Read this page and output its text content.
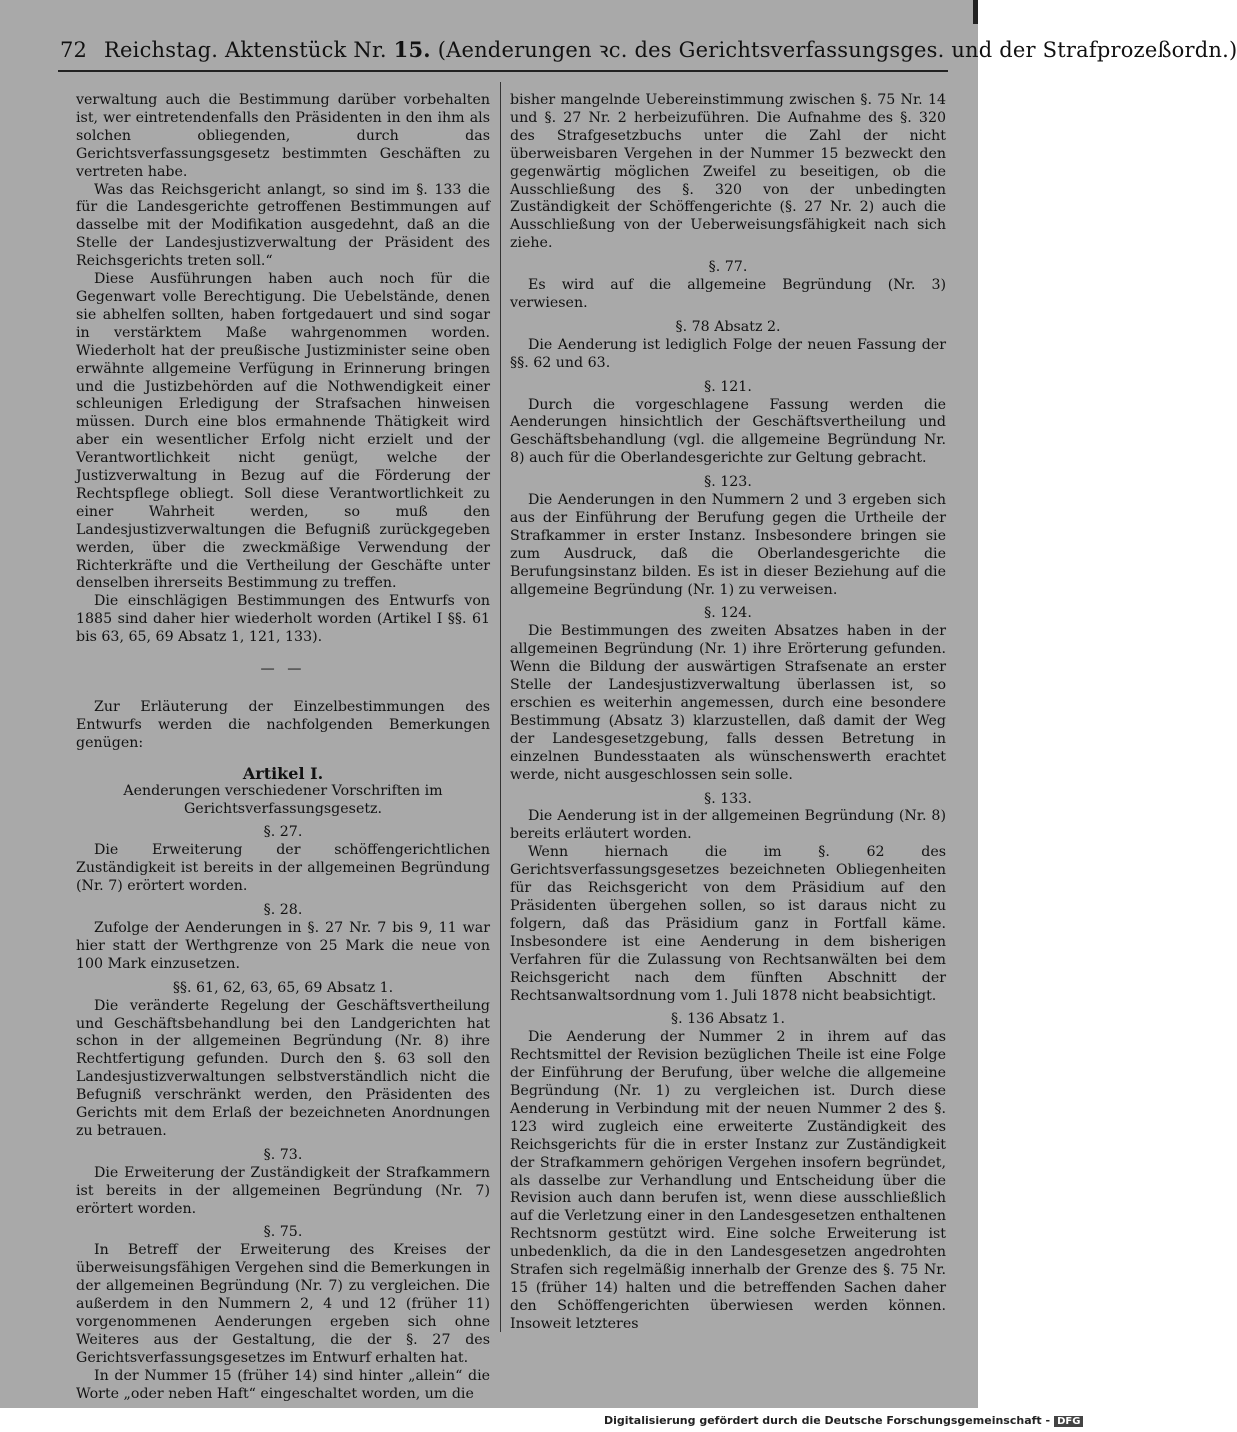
72 Reichstag. Aktenstück Nr. 15. (Aenderungen ꝛc. des Gerichtsverfassungsges. und der Strafprozeßordn.)

verwaltung auch die Bestimmung darüber vorbehalten ist, wer eintretendenfalls den Präsidenten in den ihm als solchen obliegenden, durch das Gerichtsverfassungsgesetz bestimmten Geschäften zu vertreten habe.

Was das Reichsgericht anlangt, so sind im §. 133 die für die Landesgerichte getroffenen Bestimmungen auf dasselbe mit der Modifikation ausgedehnt, daß an die Stelle der Landesjustizverwaltung der Präsident des Reichsgerichts treten soll.“

Diese Ausführungen haben auch noch für die Gegenwart volle Berechtigung. Die Uebelstände, denen sie abhelfen sollten, haben fortgedauert und sind sogar in verstärktem Maße wahrgenommen worden. Wiederholt hat der preußische Justizminister seine oben erwähnte allgemeine Verfügung in Erinnerung bringen und die Justizbehörden auf die Nothwendigkeit einer schleunigen Erledigung der Strafsachen hinweisen müssen. Durch eine blos ermahnende Thätigkeit wird aber ein wesentlicher Erfolg nicht erzielt und der Verantwortlichkeit nicht genügt, welche der Justizverwaltung in Bezug auf die Förderung der Rechtspflege obliegt. Soll diese Verantwortlichkeit zu einer Wahrheit werden, so muß den Landesjustizverwaltungen die Befugniß zurückgegeben werden, über die zweckmäßige Verwendung der Richterkräfte und die Vertheilung der Geschäfte unter denselben ihrerseits Bestimmung zu treffen.

Die einschlägigen Bestimmungen des Entwurfs von 1885 sind daher hier wiederholt worden (Artikel I §§. 61 bis 63, 65, 69 Absatz 1, 121, 133).

— —

Zur Erläuterung der Einzelbestimmungen des Entwurfs werden die nachfolgenden Bemerkungen genügen:

Artikel I.

Aenderungen verschiedener Vorschriften im Gerichtsverfassungsgesetz.

§. 27.

Die Erweiterung der schöffengerichtlichen Zuständigkeit ist bereits in der allgemeinen Begründung (Nr. 7) erörtert worden.

§. 28.

Zufolge der Aenderungen in §. 27 Nr. 7 bis 9, 11 war hier statt der Werthgrenze von 25 Mark die neue von 100 Mark einzusetzen.

§§. 61, 62, 63, 65, 69 Absatz 1.

Die veränderte Regelung der Geschäftsvertheilung und Geschäftsbehandlung bei den Landgerichten hat schon in der allgemeinen Begründung (Nr. 8) ihre Rechtfertigung gefunden. Durch den §. 63 soll den Landesjustizverwaltungen selbstverständlich nicht die Befugniß verschränkt werden, den Präsidenten des Gerichts mit dem Erlaß der bezeichneten Anordnungen zu betrauen.

§. 73.

Die Erweiterung der Zuständigkeit der Strafkammern ist bereits in der allgemeinen Begründung (Nr. 7) erörtert worden.

§. 75.

In Betreff der Erweiterung des Kreises der überweisungsfähigen Vergehen sind die Bemerkungen in der allgemeinen Begründung (Nr. 7) zu vergleichen. Die außerdem in den Nummern 2, 4 und 12 (früher 11) vorgenommenen Aenderungen ergeben sich ohne Weiteres aus der Gestaltung, die der §. 27 des Gerichtsverfassungsgesetzes im Entwurf erhalten hat.

In der Nummer 15 (früher 14) sind hinter „allein“ die Worte „oder neben Haft“ eingeschaltet worden, um die

bisher mangelnde Uebereinstimmung zwischen §. 75 Nr. 14 und §. 27 Nr. 2 herbeizuführen. Die Aufnahme des §. 320 des Strafgesetzbuchs unter die Zahl der nicht überweisbaren Vergehen in der Nummer 15 bezweckt den gegenwärtig möglichen Zweifel zu beseitigen, ob die Ausschließung des §. 320 von der unbedingten Zuständigkeit der Schöffengerichte (§. 27 Nr. 2) auch die Ausschließung von der Ueberweisungsfähigkeit nach sich ziehe.

§. 77.

Es wird auf die allgemeine Begründung (Nr. 3) verwiesen.

§. 78 Absatz 2.

Die Aenderung ist lediglich Folge der neuen Fassung der §§. 62 und 63.

§. 121.

Durch die vorgeschlagene Fassung werden die Aenderungen hinsichtlich der Geschäftsvertheilung und Geschäftsbehandlung (vgl. die allgemeine Begründung Nr. 8) auch für die Oberlandesgerichte zur Geltung gebracht.

§. 123.

Die Aenderungen in den Nummern 2 und 3 ergeben sich aus der Einführung der Berufung gegen die Urtheile der Strafkammer in erster Instanz. Insbesondere bringen sie zum Ausdruck, daß die Oberlandesgerichte die Berufungsinstanz bilden. Es ist in dieser Beziehung auf die allgemeine Begründung (Nr. 1) zu verweisen.

§. 124.

Die Bestimmungen des zweiten Absatzes haben in der allgemeinen Begründung (Nr. 1) ihre Erörterung gefunden. Wenn die Bildung der auswärtigen Strafsenate an erster Stelle der Landesjustizverwaltung überlassen ist, so erschien es weiterhin angemessen, durch eine besondere Bestimmung (Absatz 3) klarzustellen, daß damit der Weg der Landesgesetzgebung, falls dessen Betretung in einzelnen Bundesstaaten als wünschenswerth erachtet werde, nicht ausgeschlossen sein solle.

§. 133.

Die Aenderung ist in der allgemeinen Begründung (Nr. 8) bereits erläutert worden.

Wenn hiernach die im §. 62 des Gerichtsverfassungsgesetzes bezeichneten Obliegenheiten für das Reichsgericht von dem Präsidium auf den Präsidenten übergehen sollen, so ist daraus nicht zu folgern, daß das Präsidium ganz in Fortfall käme. Insbesondere ist eine Aenderung in dem bisherigen Verfahren für die Zulassung von Rechtsanwälten bei dem Reichsgericht nach dem fünften Abschnitt der Rechtsanwaltsordnung vom 1. Juli 1878 nicht beabsichtigt.

§. 136 Absatz 1.

Die Aenderung der Nummer 2 in ihrem auf das Rechtsmittel der Revision bezüglichen Theile ist eine Folge der Einführung der Berufung, über welche die allgemeine Begründung (Nr. 1) zu vergleichen ist. Durch diese Aenderung in Verbindung mit der neuen Nummer 2 des §. 123 wird zugleich eine erweiterte Zuständigkeit des Reichsgerichts für die in erster Instanz zur Zuständigkeit der Strafkammern gehörigen Vergehen insofern begründet, als dasselbe zur Verhandlung und Entscheidung über die Revision auch dann berufen ist, wenn diese ausschließlich auf die Verletzung einer in den Landesgesetzen enthaltenen Rechtsnorm gestützt wird. Eine solche Erweiterung ist unbedenklich, da die in den Landesgesetzen angedrohten Strafen sich regelmäßig innerhalb der Grenze des §. 75 Nr. 15 (früher 14) halten und die betreffenden Sachen daher den Schöffengerichten überwiesen werden können. Insoweit letzteres

Digitalisierung gefördert durch die Deutsche Forschungsgemeinschaft - DFG
